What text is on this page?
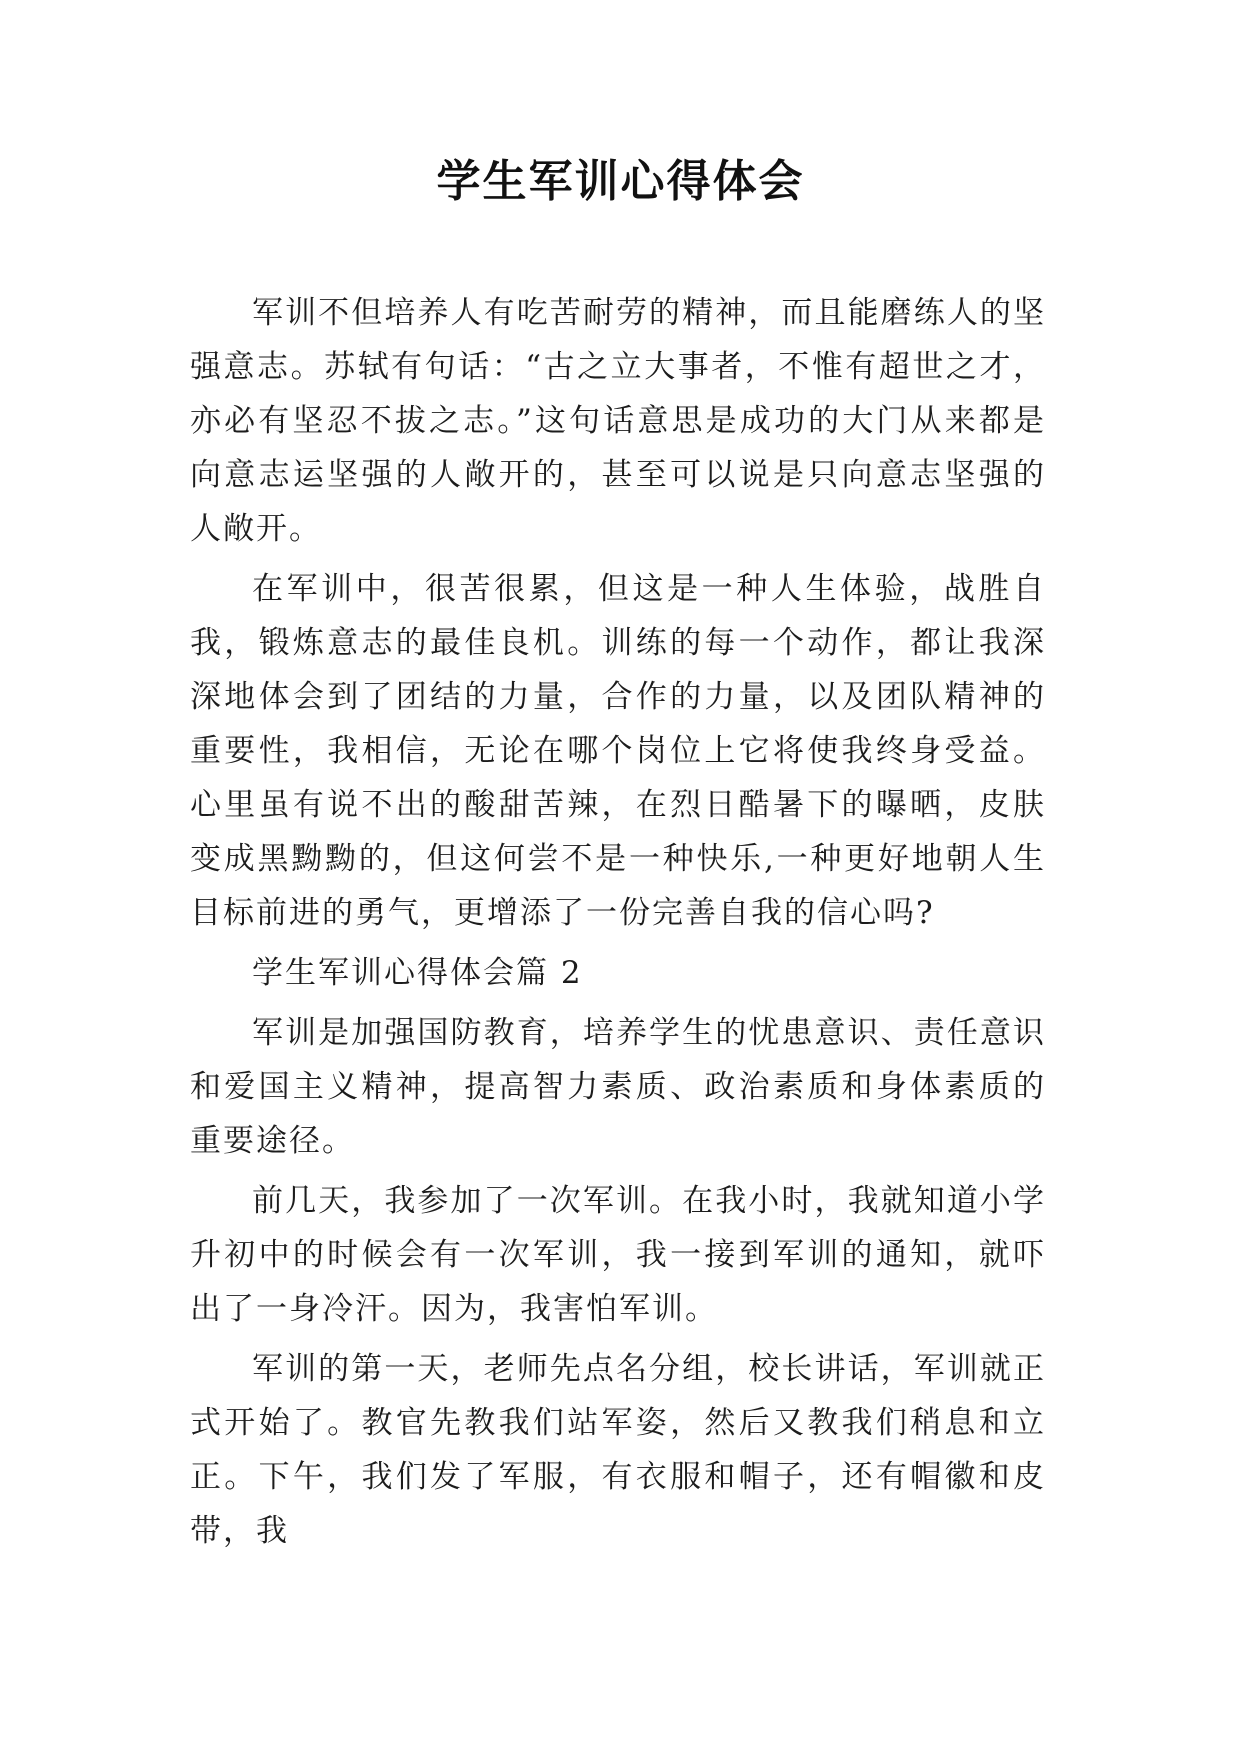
学生军训心得体会

军训不但培养人有吃苦耐劳的精神，而且能磨练人的坚强意志。苏轼有句话：“古之立大事者，不惟有超世之才，亦必有坚忍不拔之志。”这句话意思是成功的大门从来都是向意志运坚强的人敞开的，甚至可以说是只向意志坚强的人敞开。

在军训中，很苦很累，但这是一种人生体验，战胜自我，锻炼意志的最佳良机。训练的每一个动作，都让我深深地体会到了团结的力量，合作的力量，以及团队精神的重要性，我相信，无论在哪个岗位上它将使我终身受益。心里虽有说不出的酸甜苦辣，在烈日酷暑下的曝晒，皮肤变成黑黝黝的，但这何尝不是一种快乐,一种更好地朝人生目标前进的勇气，更增添了一份完善自我的信心吗?

学生军训心得体会篇 2

军训是加强国防教育，培养学生的忧患意识、责任意识和爱国主义精神，提高智力素质、政治素质和身体素质的重要途径。

前几天，我参加了一次军训。在我小时，我就知道小学升初中的时候会有一次军训，我一接到军训的通知，就吓出了一身冷汗。因为，我害怕军训。

军训的第一天，老师先点名分组，校长讲话，军训就正式开始了。教官先教我们站军姿，然后又教我们稍息和立正。下午，我们发了军服，有衣服和帽子，还有帽徽和皮带，我
